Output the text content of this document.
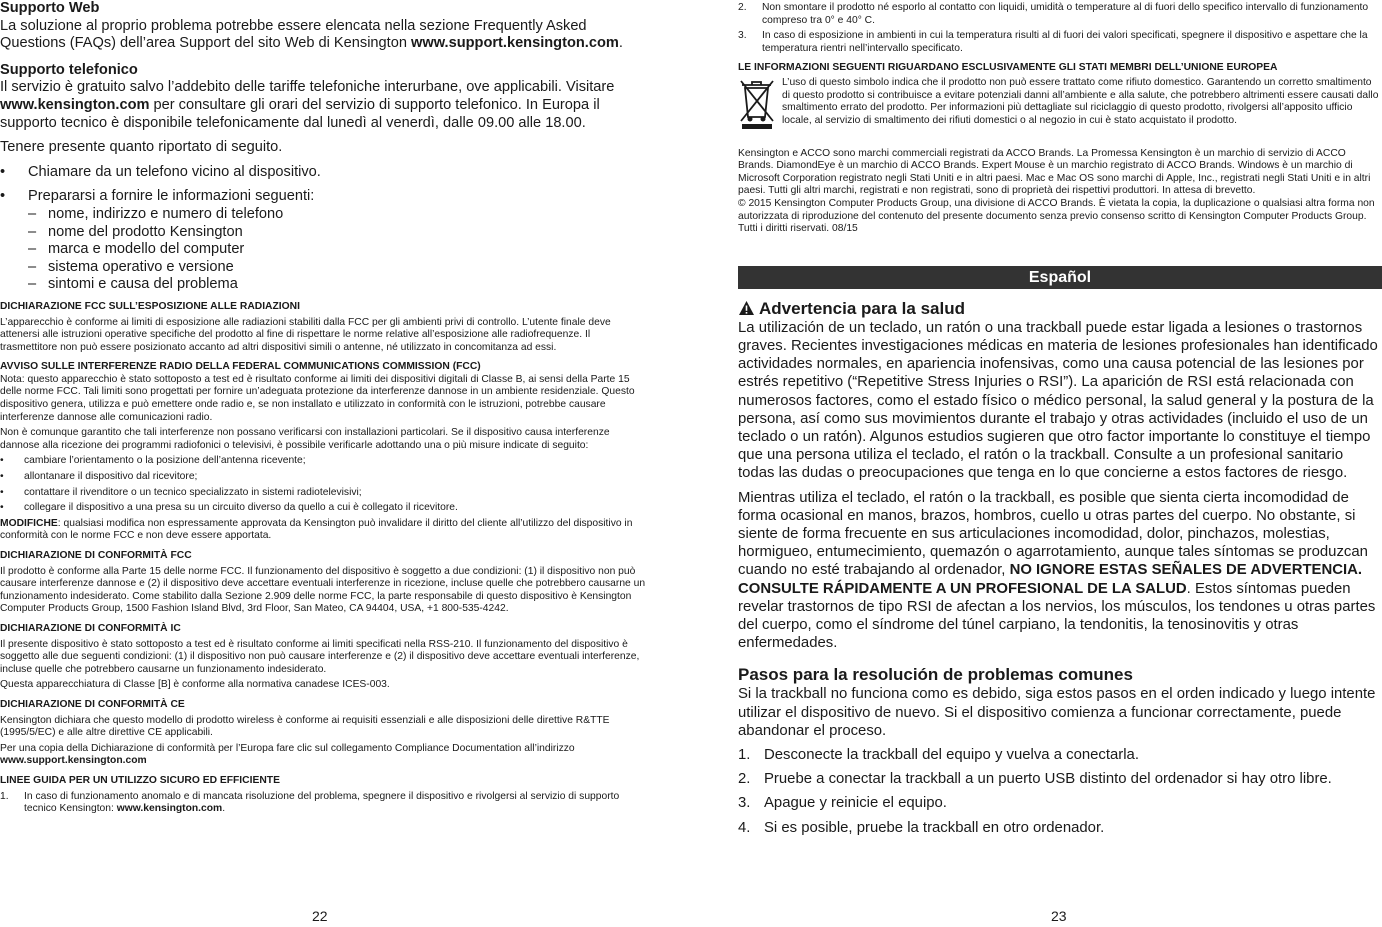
Supporto Web

La soluzione al proprio problema potrebbe essere elencata nella sezione Frequently Asked Questions (FAQs) dell’area Support del sito Web di Kensington www.support.kensington.com.

Supporto telefonico

Il servizio è gratuito salvo l’addebito delle tariffe telefoniche interurbane, ove applicabili. Visitare www.kensington.com per consultare gli orari del servizio di supporto telefonico. In Europa il supporto tecnico è disponibile telefonicamente dal lunedì al venerdì, dalle 09.00 alle 18.00.

Tenere presente quanto riportato di seguito.

•	Chiamare da un telefono vicino al dispositivo.
•	Prepararsi a fornire le informazioni seguenti:
– nome, indirizzo e numero di telefono
– nome del prodotto Kensington
– marca e modello del computer
– sistema operativo e versione
– sintomi e causa del problema
DICHIARAZIONE FCC SULL’ESPOSIZIONE ALLE RADIAZIONI

L’apparecchio è conforme ai limiti di esposizione alle radiazioni stabiliti dalla FCC per gli ambienti privi di controllo. L’utente finale deve attenersi alle istruzioni operative specifiche del prodotto al fine di rispettare le norme relative all’esposizione alle radiofrequenze. Il trasmettitore non può essere posizionato accanto ad altri dispositivi simili o antenne, né utilizzato in concomitanza ad essi.

AVVISO SULLE INTERFERENZE RADIO DELLA FEDERAL COMMUNICATIONS COMMISSION (FCC)

Nota: questo apparecchio è stato sottoposto a test ed è risultato conforme ai limiti dei dispositivi digitali di Classe B, ai sensi della Parte 15 delle norme FCC. Tali limiti sono progettati per fornire un’adeguata protezione da interferenze dannose in un ambiente residenziale. Questo dispositivo genera, utilizza e può emettere onde radio e, se non installato e utilizzato in conformità con le istruzioni, potrebbe causare interferenze dannose alle comunicazioni radio.

Non è comunque garantito che tali interferenze non possano verificarsi con installazioni particolari. Se il dispositivo causa interferenze dannose alla ricezione dei programmi radiofonici o televisivi, è possibile verificarle adottando una o più misure indicate di seguito:

•	cambiare l’orientamento o la posizione dell’antenna ricevente;
•	allontanare il dispositivo dal ricevitore;
•	contattare il rivenditore o un tecnico specializzato in sistemi radiotelevisivi;
•	collegare il dispositivo a una presa su un circuito diverso da quello a cui è collegato il ricevitore.

MODIFICHE: qualsiasi modifica non espressamente approvata da Kensington può invalidare il diritto del cliente all’utilizzo del dispositivo in conformità con le norme FCC e non deve essere apportata.

DICHIARAZIONE DI CONFORMITÀ FCC

Il prodotto è conforme alla Parte 15 delle norme FCC. Il funzionamento del dispositivo è soggetto a due condizioni: (1) il dispositivo non può causare interferenze dannose e (2) il dispositivo deve accettare eventuali interferenze in ricezione, incluse quelle che potrebbero causarne un funzionamento indesiderato. Come stabilito dalla Sezione 2.909 delle norme FCC, la parte responsabile di questo dispositivo è Kensington Computer Products Group, 1500 Fashion Island Blvd, 3rd Floor, San Mateo, CA 94404, USA, +1 800-535-4242.

DICHIARAZIONE DI CONFORMITÀ IC

Il presente dispositivo è stato sottoposto a test ed è risultato conforme ai limiti specificati nella RSS-210. Il funzionamento del dispositivo è soggetto alle due seguenti condizioni: (1) il dispositivo non può causare interferenze e (2) il dispositivo deve accettare eventuali interferenze, incluse quelle che potrebbero causarne un funzionamento indesiderato.

Questa apparecchiatura di Classe [B] è conforme alla normativa canadese ICES-003.

DICHIARAZIONE DI CONFORMITÀ CE

Kensington dichiara che questo modello di prodotto wireless è conforme ai requisiti essenziali e alle disposizioni delle direttive R&TTE (1995/5/EC) e alle altre direttive CE applicabili.

Per una copia della Dichiarazione di conformità per l’Europa fare clic sul collegamento Compliance Documentation all’indirizzo www.support.kensington.com

LINEE GUIDA PER UN UTILIZZO SICURO ED EFFICIENTE
1.	In caso di funzionamento anomalo e di mancata risoluzione del problema, spegnere il dispositivo e rivolgersi al servizio di supporto tecnico Kensington: www.kensington.com.
22
2.	Non smontare il prodotto né esporlo al contatto con liquidi, umidità o temperature al di fuori dello specifico intervallo di funzionamento compreso tra 0° e 40° C.
3.	In caso di esposizione in ambienti in cui la temperatura risulti al di fuori dei valori specificati, spegnere il dispositivo e aspettare che la temperatura rientri nell’intervallo specificato.
LE INFORMAZIONI SEGUENTI RIGUARDANO ESCLUSIVAMENTE GLI STATI MEMBRI DELL’UNIONE EUROPEA

L’uso di questo simbolo indica che il prodotto non può essere trattato come rifiuto domestico. Garantendo un corretto smaltimento di questo prodotto si contribuisce a evitare potenziali danni all’ambiente e alla salute, che potrebbero altrimenti essere causati dallo smaltimento errato del prodotto. Per informazioni più dettagliate sul riciclaggio di questo prodotto, rivolgersi all’apposito ufficio locale, al servizio di smaltimento dei rifiuti domestici o al negozio in cui è stato acquistato il prodotto.

Kensington e ACCO sono marchi commerciali registrati da ACCO Brands. La Promessa Kensington è un marchio di servizio di ACCO Brands. DiamondEye è un marchio di ACCO Brands. Expert Mouse è un marchio registrato di ACCO Brands. Windows è un marchio di Microsoft Corporation registrato negli Stati Uniti e in altri paesi. Mac e Mac OS sono marchi di Apple, Inc., registrati negli Stati Uniti e in altri paesi. Tutti gli altri marchi, registrati e non registrati, sono di proprietà dei rispettivi produttori. In attesa di brevetto.

© 2015 Kensington Computer Products Group, una divisione di ACCO Brands. È vietata la copia, la duplicazione o qualsiasi altra forma non autorizzata di riproduzione del contenuto del presente documento senza previo consenso scritto di Kensington Computer Products Group. Tutti i diritti riservati. 08/15

Español
Advertencia para la salud

La utilización de un teclado, un ratón o una trackball puede estar ligada a lesiones o trastornos graves. Recientes investigaciones médicas en materia de lesiones profesionales han identificado actividades normales, en apariencia inofensivas, como una causa potencial de las lesiones por estrés repetitivo (“Repetitive Stress Injuries o RSI”). La aparición de RSI está relacionada con numerosos factores, como el estado físico o médico personal, la salud general y la postura de la persona, así como sus movimientos durante el trabajo y otras actividades (incluido el uso de un teclado o un ratón). Algunos estudios sugieren que otro factor importante lo constituye el tiempo que una persona utiliza el teclado, el ratón o la trackball. Consulte a un profesional sanitario todas las dudas o preocupaciones que tenga en lo que concierne a estos factores de riesgo.

Mientras utiliza el teclado, el ratón o la trackball, es posible que sienta cierta incomodidad de forma ocasional en manos, brazos, hombros, cuello u otras partes del cuerpo. No obstante, si siente de forma frecuente en sus articulaciones incomodidad, dolor, pinchazos, molestias, hormigueo, entumecimiento, quemazón o agarrotamiento, aunque tales síntomas se produzcan cuando no esté trabajando al ordenador, NO IGNORE ESTAS SEÑALES DE ADVERTENCIA. CONSULTE RÁPIDAMENTE A UN PROFESIONAL DE LA SALUD. Estos síntomas pueden revelar trastornos de tipo RSI de afectan a los nervios, los músculos, los tendones u otras partes del cuerpo, como el síndrome del túnel carpiano, la tendonitis, la tenosinovitis y otras enfermedades.

Pasos para la resolución de problemas comunes

Si la trackball no funciona como es debido, siga estos pasos en el orden indicado y luego intente utilizar el dispositivo de nuevo. Si el dispositivo comienza a funcionar correctamente, puede abandonar el proceso.

1. Desconecte la trackball del equipo y vuelva a conectarla.
2. Pruebe a conectar la trackball a un puerto USB distinto del ordenador si hay otro libre.
3. Apague y reinicie el equipo.
4. Si es posible, pruebe la trackball en otro ordenador.
23
